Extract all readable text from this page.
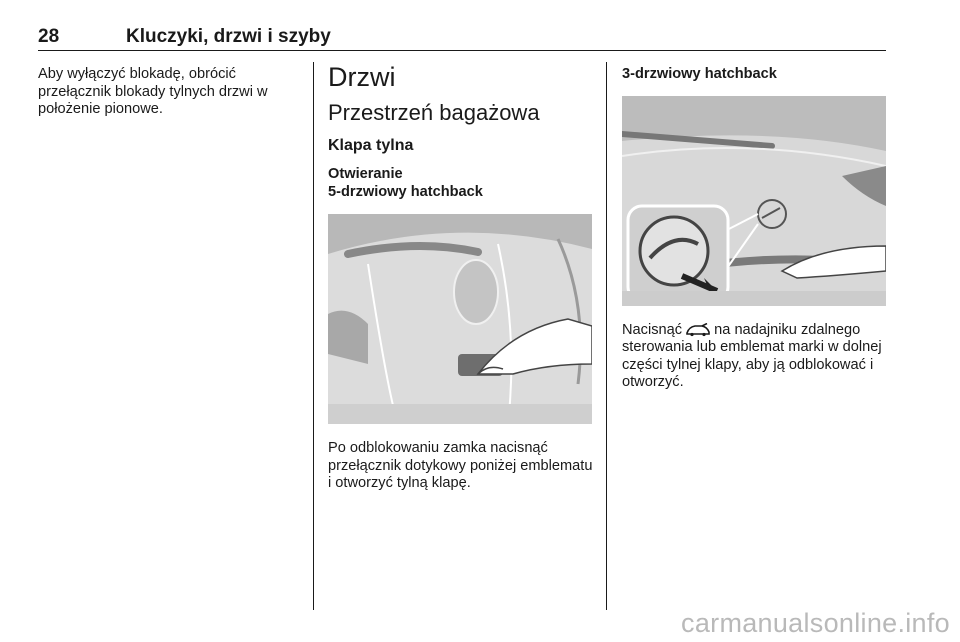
28	Kluczyki, drzwi i szyby

Aby wyłączyć blokadę, obrócić przełącznik blokady tylnych drzwi w położenie pionowe.

Drzwi
Przestrzeń bagażowa
Klapa tylna
Otwieranie
5-drzwiowy hatchback

Po odblokowaniu zamka nacisnąć przełącznik dotykowy poniżej emblematu i otworzyć tylną klapę.

3-drzwiowy hatchback

Nacisnąć na nadajniku zdalnego sterowania lub emblemat marki w dolnej części tylnej klapy, aby ją odblokować i otworzyć.

carmanualsonline.info
